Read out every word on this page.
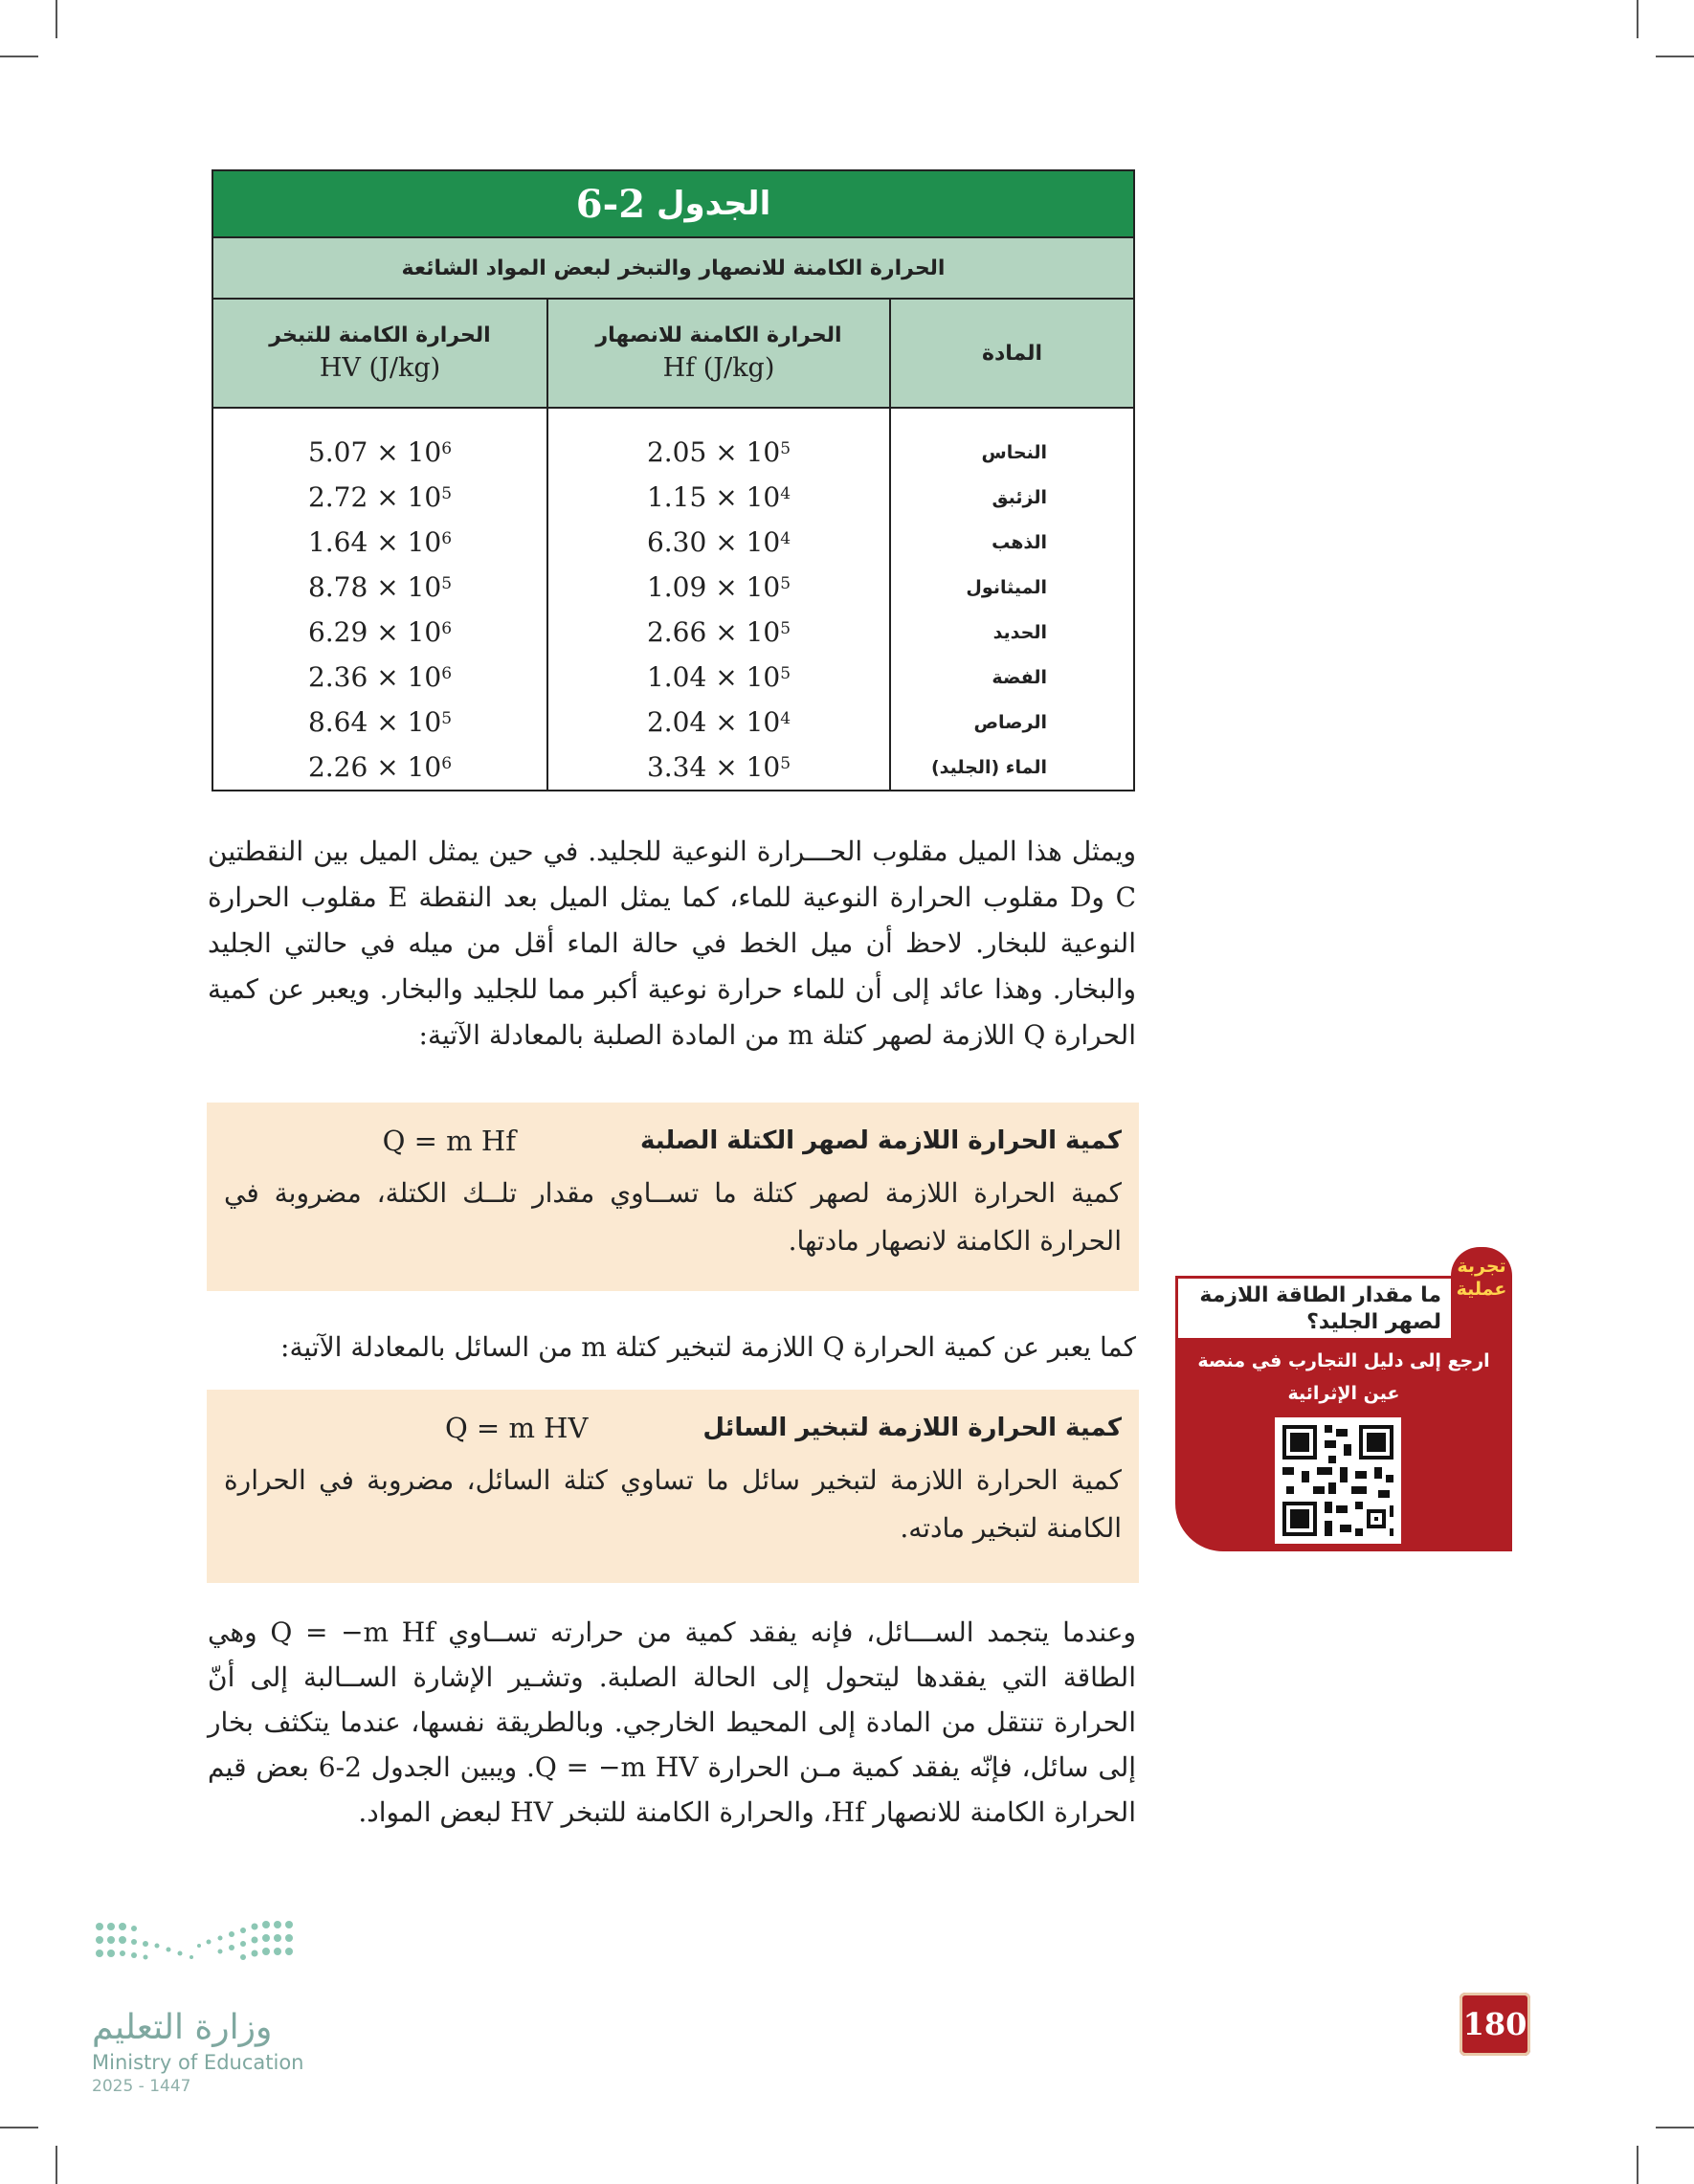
الجدول
6-2
الحرارة الكامنة للانصهار والتبخر لبعض المواد الشائعة
المادة
الحرارة الكامنة للانصهار
Hf (J/kg)
الحرارة الكامنة للتبخر
HV (J/kg)
النحاس
الزئبق
الذهب
الميثانول
الحديد
الفضة
الرصاص
الماء (الجليد)
$2.05 \times 10^5$
$1.15 \times 10^4$
$6.30 \times 10^4$
$1.09 \times 10^5$
$2.66 \times 10^5$
$1.04 \times 10^5$
$2.04 \times 10^4$
$3.34 \times 10^5$
$5.07 \times 10^6$
$2.72 \times 10^5$
$1.64 \times 10^6$
$8.78 \times 10^5$
$6.29 \times 10^6$
$2.36 \times 10^6$
$8.64 \times 10^5$
$2.26 \times 10^6$
ويمثل هذا الميل مقلوب الحـــرارة النوعية للجليد. في حين يمثل الميل بين النقطتين C وD مقلوب الحرارة النوعية للماء، كما يمثل الميل بعد النقطة E مقلوب الحرارة النوعية للبخار. لاحظ أن ميل الخط في حالة الماء أقل من ميله في حالتي الجليد والبخار. وهذا عائد إلى أن للماء حرارة نوعية أكبر مما للجليد والبخار. ويعبر عن كمية الحرارة Q اللازمة لصهر كتلة m من المادة الصلبة بالمعادلة الآتية:
كمية الحرارة اللازمة لصهر الكتلة الصلبة
Q = m Hf
كمية الحرارة اللازمة لصهر كتلة ما تســاوي مقدار تلــك الكتلة، مضروبة في الحرارة الكامنة لانصهار مادتها.
كما يعبر عن كمية الحرارة Q اللازمة لتبخير كتلة m من السائل بالمعادلة الآتية:
كمية الحرارة اللازمة لتبخير السائل
Q = m HV
كمية الحرارة اللازمة لتبخير سائل ما تساوي كتلة السائل، مضروبة في الحرارة الكامنة لتبخير مادته.
وعندما يتجمد الســـائل، فإنه يفقد كمية من حرارته تســاوي Q = −m Hf وهي الطاقة التي يفقدها ليتحول إلى الحالة الصلبة. وتشـير الإشارة الســالبة إلى أنّ الحرارة تنتقل من المادة إلى المحيط الخارجي. وبالطريقة نفسها، عندما يتكثف بخار إلى سائل، فإنّه يفقد كمية مـن الحرارة Q = −m HV. ويبين الجدول 2-6 بعض قيم الحرارة الكامنة للانصهار Hf، والحرارة الكامنة للتبخر HV لبعض المواد.
ما مقدار الطاقة اللازمة لصهر الجليد؟
تجربة عملية
ارجع إلى دليل التجارب في منصة عين الإثرائية
وزارة التعليم
Ministry of Education
2025 - 1447
180
